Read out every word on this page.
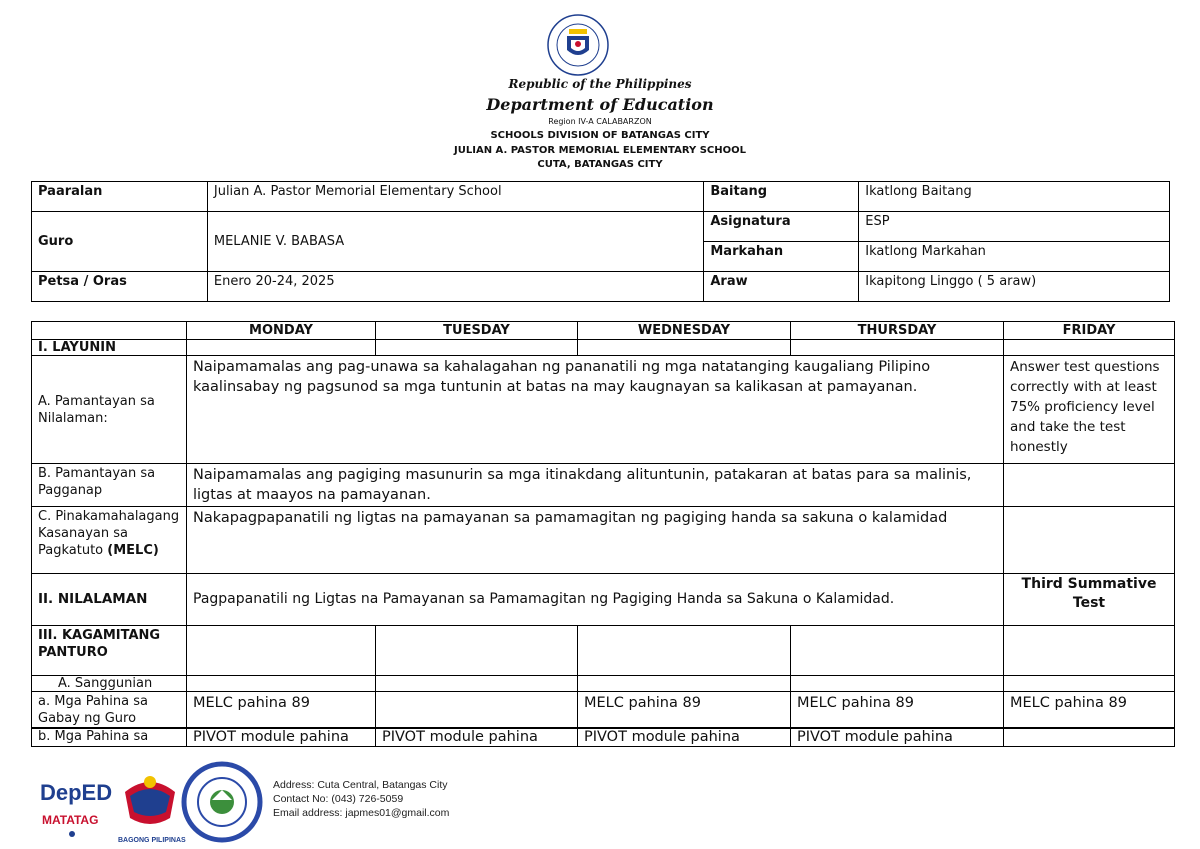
Republic of the Philippines
Department of Education
Region IV-A CALABARZON
SCHOOLS DIVISION OF BATANGAS CITY
JULIAN A. PASTOR MEMORIAL ELEMENTARY SCHOOL
CUTA, BATANGAS CITY
Paaralan	Julian A. Pastor Memorial Elementary School	Baitang	Ikatlong Baitang
Guro	MELANIE V. BABASA	Asignatura	ESP
		Markahan	Ikatlong Markahan
Petsa / Oras	Enero 20-24, 2025	Araw	Ikapitong Linggo ( 5 araw)
	MONDAY	TUESDAY	WEDNESDAY	THURSDAY	FRIDAY
I. LAYUNIN					
A. Pamantayan sa Nilalaman:	Naipamamalas ang pag-unawa sa kahalagahan ng pananatili ng mga natatanging kaugaliang Pilipino kaalinsabay ng pagsunod sa mga tuntunin at batas na may kaugnayan sa kalikasan at pamayanan.				Answer test questions correctly with at least 75% proficiency level and take the test honestly
B. Pamantayan sa Pagganap	Naipamamalas ang pagiging masunurin sa mga itinakdang alituntunin, patakaran at batas para sa malinis, ligtas at maayos na pamayanan.				
C. Pinakamahalagang Kasanayan sa Pagkatuto (MELC)	Nakapagpapanatili ng ligtas na pamayanan sa pamamagitan ng pagiging handa sa sakuna o kalamidad				
II. NILALAMAN	Pagpapanatili ng Ligtas na Pamayanan sa Pamamagitan ng Pagiging Handa sa Sakuna o Kalamidad.				Third Summative Test
III. KAGAMITANG PANTURO					
A. Sanggunian					
a. Mga Pahina sa Gabay ng Guro	MELC pahina 89		MELC pahina 89	MELC pahina 89	MELC pahina 89
b. Mga Pahina sa	PIVOT module pahina	PIVOT module pahina	PIVOT module pahina	PIVOT module pahina	
DepED
MATATAG
BAGONG PILIPINAS
Address: Cuta Central, Batangas City
Contact No: (043) 726-5059
Email address: japmes01@gmail.com
